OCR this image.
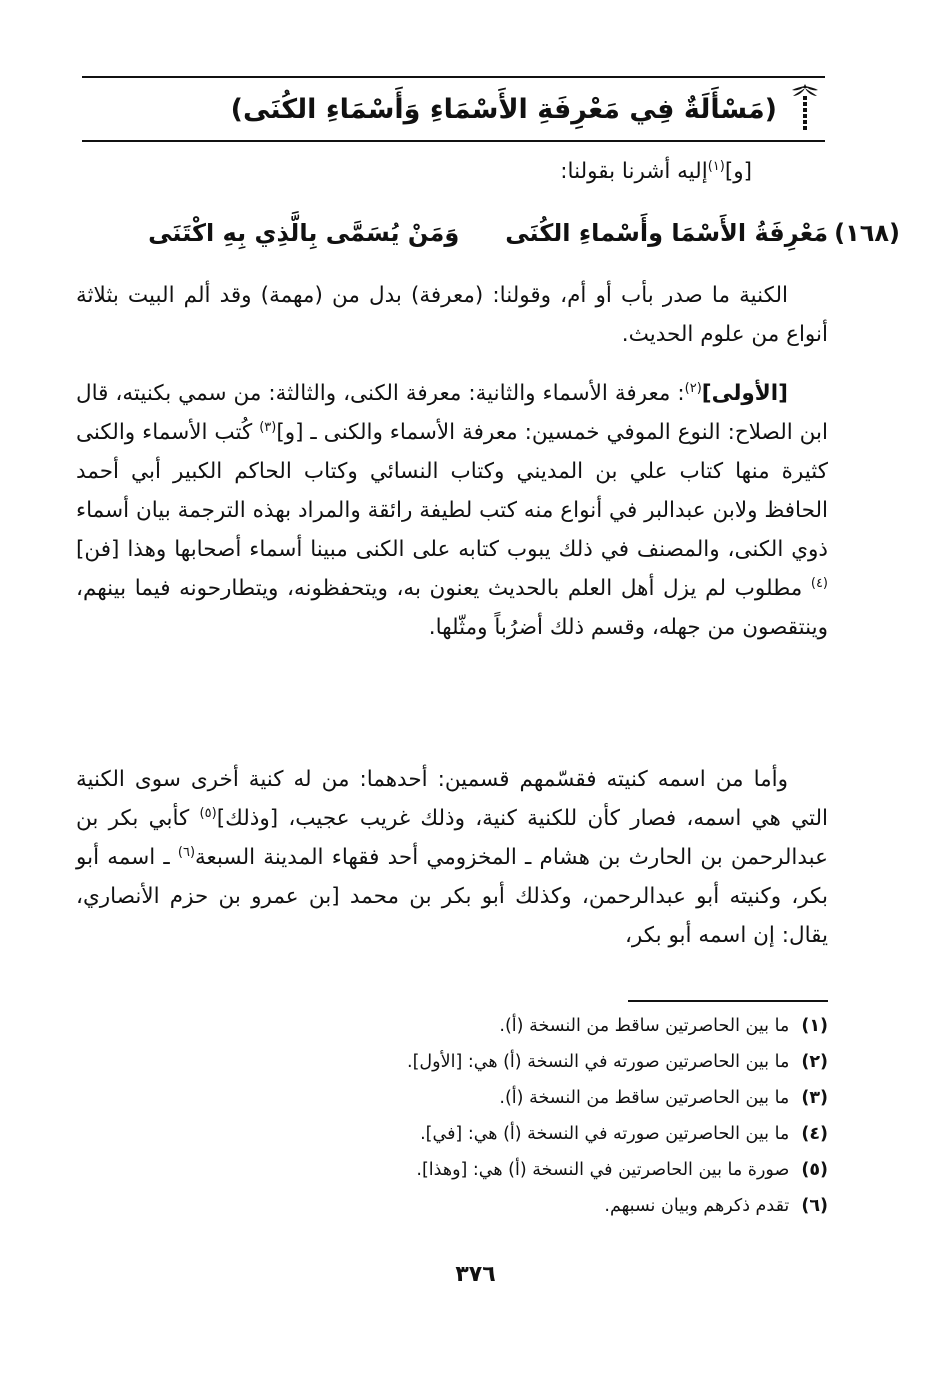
(مَسْأَلَةٌ فِي مَعْرِفَةِ الأَسْمَاءِ وَأَسْمَاءِ الكُنَى)
[و]$^{(١)}$إليه أشرنا بقولنا:
(١٦٨)
مَعْرِفَةُ الأَسْمَا وأَسْماءِ الكُنَى
وَمَنْ يُسَمَّى بِالَّذِي بِهِ اكْتَنَى
الكنية ما صدر بأب أو أم، وقولنا: (معرفة) بدل من (مهمة) وقد ألم البيت بثلاثة أنواع من علوم الحديث.
[الأولى]$^{(٢)}$: معرفة الأسماء والثانية: معرفة الكنى، والثالثة: من سمي بكنيته، قال ابن الصلاح: النوع الموفي خمسين: معرفة الأسماء والكنى ـ [و]$^{(٣)}$ كُتب الأسماء والكنى كثيرة منها كتاب علي بن المديني وكتاب النسائي وكتاب الحاكم الكبير أبي أحمد الحافظ ولابن عبدالبر في أنواع منه كتب لطيفة رائقة والمراد بهذه الترجمة بيان أسماء ذوي الكنى، والمصنف في ذلك يبوب كتابه على الكنى مبينا أسماء أصحابها وهذا [فن]$^{(٤)}$ مطلوب لم يزل أهل العلم بالحديث يعنون به، ويتحفظونه، ويتطارحونه فيما بينهم، وينتقصون من جهله، وقسم ذلك أضرُباً ومثّلها.
وأما من اسمه كنيته فقسّمهم قسمين: أحدهما: من له كنية أخرى سوى الكنية التي هي اسمه، فصار كأن للكنية كنية، وذلك غريب عجيب، [وذلك]$^{(٥)}$ كأبي بكر بن عبدالرحمن بن الحارث بن هشام ـ المخزومي أحد فقهاء المدينة السبعة$^{(٦)}$ ـ اسمه أبو بكر، وكنيته أبو عبدالرحمن، وكذلك أبو بكر بن محمد [بن عمرو بن حزم الأنصاري، يقال: إن اسمه أبو بكر،
(١)ما بين الحاصرتين ساقط من النسخة (أ).
(٢)ما بين الحاصرتين صورته في النسخة (أ) هي: [الأول].
(٣)ما بين الحاصرتين ساقط من النسخة (أ).
(٤)ما بين الحاصرتين صورته في النسخة (أ) هي: [في].
(٥)صورة ما بين الحاصرتين في النسخة (أ) هي: [وهذا].
(٦)تقدم ذكرهم وبيان نسبهم.
٣٧٦
